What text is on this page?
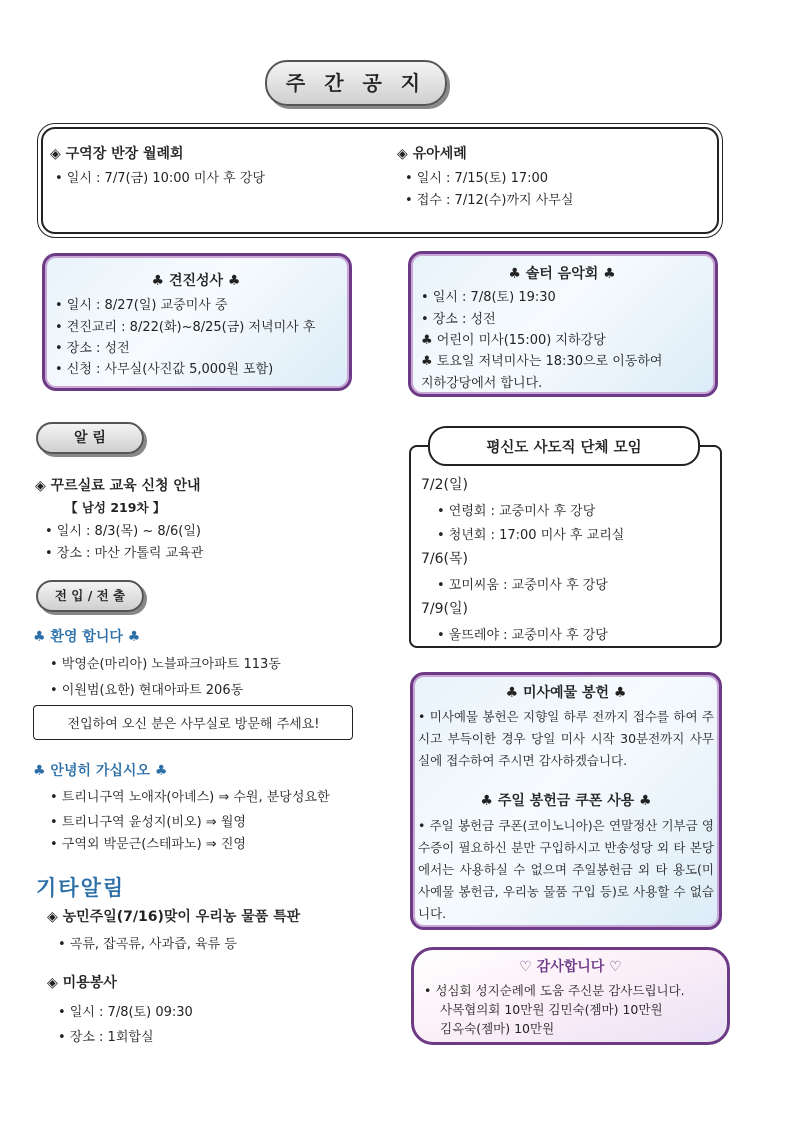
주 간 공 지
◈ 구역장 반장 월례회
• 일시 : 7/7(금) 10:00 미사 후 강당
◈ 유아세례
• 일시 : 7/15(토) 17:00
• 접수 : 7/12(수)까지 사무실
♣ 견진성사 ♣
• 일시 : 8/27(일) 교중미사 중
• 견진교리 : 8/22(화)~8/25(금) 저녁미사 후
• 장소 : 성전
• 신청 : 사무실(사진값 5,000원 포함)
♣ 솔터 음악회 ♣
• 일시 : 7/8(토) 19:30
• 장소 : 성전
♣ 어린이 미사(15:00) 지하강당
♣ 토요일 저녁미사는 18:30으로 이동하여
지하강당에서 합니다.
알 림
◈ 꾸르실료 교육 신청 안내
【 남성 219차 】
• 일시 : 8/3(목) ~ 8/6(일)
• 장소 : 마산 가톨릭 교육관
전 입 / 전 출
♣ 환영 합니다 ♣
• 박영순(마리아) 노블파크아파트 113동
• 이원범(요한) 현대아파트 206동
전입하여 오신 분은 사무실로 방문해 주세요!
♣ 안녕히 가십시오 ♣
• 트리니구역 노애자(아녜스) ⇒ 수원, 분당성요한
• 트리니구역 윤성지(비오) ⇒ 월영
• 구역외 박문근(스테파노) ⇒ 진영
기타알림
◈ 농민주일(7/16)맞이 우리농 물품 특판
• 곡류, 잡곡류, 사과즙, 육류 등
◈ 미용봉사
• 일시 : 7/8(토) 09:30
• 장소 : 1회합실
평신도 사도직 단체 모임
7/2(일)
• 연령회 : 교중미사 후 강당
• 청년회 : 17:00 미사 후 교리실
7/6(목)
• 꼬미씨움 : 교중미사 후 강당
7/9(일)
• 울뜨레야 : 교중미사 후 강당
♣ 미사예물 봉헌 ♣
• 미사예물 봉헌은 지향일 하루 전까지 접수를 하여 주시고 부득이한 경우 당일 미사 시작 30분전까지 사무실에 접수하여 주시면 감사하겠습니다.
♣ 주일 봉헌금 쿠폰 사용 ♣
• 주일 봉헌금 쿠폰(코이노니아)은 연말정산 기부금 영수증이 필요하신 분만 구입하시고 반송성당 외 타 본당에서는 사용하실 수 없으며 주일봉헌금 외 타 용도(미사예물 봉헌금, 우리농 물품 구입 등)로 사용할 수 없습니다.
♡ 감사합니다 ♡
• 성심회 성지순례에 도움 주신분 감사드립니다.
사목협의회 10만원 김민숙(젬마) 10만원
김옥숙(젬마) 10만원
